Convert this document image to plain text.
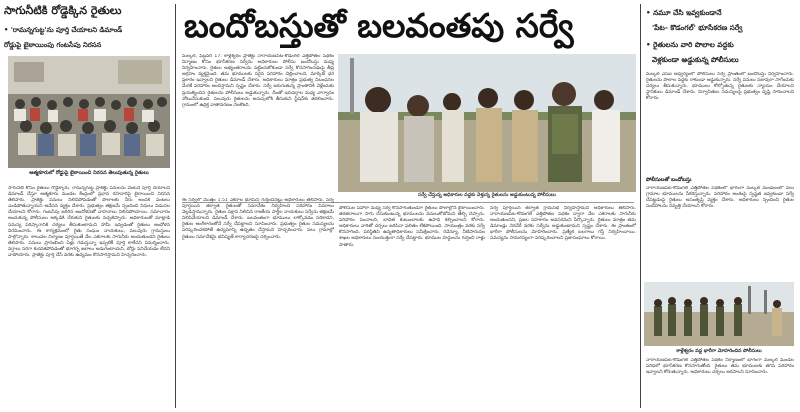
సాగునీటికి రోడ్డెక్కిన రైతులు
• 'రామన్నగుట్ట'ను పూర్తి చేయాలని డిమాండ్
రోడ్డుపై బైఠాయింపు గంటసేపు నిరసన
ఆత్మకూరులో రోడ్డుపై బైఠాయించి నిరసన తెలుపుతున్న రైతులు

సాగునీటి కోసం రైతులు రోడ్డెక్కారు. రామన్నగుట్ట ప్రాజెక్టు పనులను వెంటనే పూర్తి చేయాలని డిమాండ్ చేస్తూ ఆత్మకూరు మండల కేంద్రంలో ప్రధాన రహదారిపై బైఠాయించి నిరసన తెలిపారు. ప్రాజెక్టు పనులు నిలిచిపోవడంతో పొలాలకు నీరు అందక పంటలు ఎండిపోతున్నాయని ఆవేదన వ్యక్తం చేశారు. ప్రభుత్వం తక్షణమే స్పందించి నిధులు విడుదల చేయాలని కోరారు. గంటసేపు జరిగిన ఆందోళనతో వాహనాలు నిలిచిపోయాయి. సమాచారం అందుకున్న పోలీసులు అక్కడికి చేరుకుని రైతులకు నచ్చజెప్పారు. అధికారులతో మాట్లాడి సమస్య పరిష్కారానికి చర్యలు తీసుకుంటామని హామీ ఇవ్వడంతో రైతులు ఆందోళన విరమించారు. ఈ కార్యక్రమంలో రైతు సంఘం నాయకులు, పలువురు గ్రామస్తులు పాల్గొన్నారు. కాలువల నిర్మాణం పూర్తయితే వేల ఎకరాలకు సాగునీరు అందుతుందని రైతులు తెలిపారు. పనులు ప్రారంభించి ఏళ్లు గడుస్తున్నా ఇప్పటికీ పూర్తి కాలేదని విమర్శించారు. వర్షాలు సరిగా కురవకపోవడంతో భూగర్భ జలాలు అడుగంటాయని, బోర్లు పనిచేయడం లేదని వాపోయారు. ప్రాజెక్టు పూర్తి చేసే వరకు ఉద్యమం కొనసాగిస్తామని హెచ్చరించారు.

బందోబస్తుతో బలవంతపు సర్వే

మల్కల్, ఫిబ్రవరి 17: కాళ్లేశ్వరం ప్రాజెక్టు నారాయణపేట-కొడంగల్ ఎత్తిపోతల పథకం నిర్మాణం కోసం భూసేకరణ సర్వేను అధికారులు పోలీసు బందోబస్తు మధ్య నిర్వహించారు. రైతుల అభ్యంతరాలను పట్టించుకోకుండా సర్వే కొనసాగించడంపై తీవ్ర ఆగ్రహం వ్యక్తమైంది. తమ భూములకు సరైన పరిహారం చెల్లించాలని, మార్కెట్ ధర ప్రకారం ఇవ్వాలని రైతులు డిమాండ్ చేశారు. అధికారులు మాత్రం ప్రభుత్వ నిబంధనల మేరకే పరిహారం అందిస్తామని స్పష్టం చేశారు. సర్వే జరుగుతున్న ప్రాంతానికి వెళ్లేందుకు ప్రయత్నించిన రైతులను పోలీసులు అడ్డుకున్నారు. దీంతో ఇరువర్గాల మధ్య వాగ్వాదం చోటుచేసుకుంది. పలువురు రైతులను అదుపులోకి తీసుకుని స్టేషన్‌కు తరలించారు. గ్రామంలో ఉద్రిక్త వాతావరణం నెలకొంది.

సర్వే చేస్తున్న అధికారుల వద్దకు వెళ్తున్న రైతులను అడ్డుకుంటున్న పోలీసులు

ఈ సర్వేలో మొత్తం 1.51 ఎకరాల భూమిని గుర్తించినట్లు అధికారులు తెలిపారు. సర్వే పూర్తయిన తర్వాత రైతులతో సమావేశం నిర్వహించి పరిహారం వివరాలు వెల్లడిస్తామన్నారు. రైతుల పక్షాన నిలిచిన రాజకీయ పార్టీల నాయకులు సర్వేను తక్షణమే నిలిపివేయాలని డిమాండ్ చేశారు. బలవంతంగా భూములు లాక్కోవడం సరికాదని, రైతుల అంగీకారంతోనే సర్వే చేపట్టాలని సూచించారు. ప్రభుత్వం రైతుల సమస్యలను పరిష్కరించకపోతే ఉద్యమాన్ని ఉధృతం చేస్తామని హెచ్చరించారు. పలు గ్రామాల్లో రైతులు సమావేశమై భవిష్యత్ కార్యాచరణపై చర్చించారు.

పోలీసుల పహారా మధ్య సర్వే కొనసాగుతుండగా రైతులు పొలాల్లోనే బైఠాయించారు. తరతరాలుగా సాగు చేసుకుంటున్న భూములను వదులుకోబోమని తేల్చి చెప్పారు. పరిహారం పెంచాలని, బాధిత కుటుంబాలకు ఉపాధి కల్పించాలని కోరారు. అధికారులు వారితో చర్చలు జరిపినా ఫలితం లేకపోయింది. సాయంత్రం వరకు సర్వే కొనసాగింది. పరిస్థితిని ఉన్నతాధికారులు సమీక్షించారు. రెవెన్యూ, నీటిపారుదల శాఖల అధికారులు సంయుక్తంగా సర్వే చేపట్టారు. భూముల హద్దులను గుర్తించి రాళ్లు పాతారు.

సర్వే పూర్తయిన తర్వాత గ్రామసభ నిర్వహిస్తామని అధికారులు తెలిపారు. నారాయణపేట-కొడంగల్ ఎత్తిపోతల పథకం ద్వారా వేల ఎకరాలకు సాగునీరు అందుతుందని, ప్రజల సహకారం అవసరమని పేర్కొన్నారు. రైతులు మాత్రం తమ డిమాండ్లు నెరవేరే వరకు సర్వేను అడ్డుకుంటామని స్పష్టం చేశారు. ఈ ప్రాంతంలో భారీగా పోలీసులను మోహరించారు. ప్రత్యేక బలగాలు గస్తీ నిర్వహించాయి. సమస్యను సామరస్యంగా పరిష్కరించాలని ప్రజాసంఘాలు కోరాయి.

• నమూ చేసి ఇవ్వకుండానే
'పేట- కొడంగల్' భూసేకరణ సర్వే
• రైతులను వారి పొలాల వద్దకు
వెళ్లకుండా అడ్డుకున్న పోలీసులు

మల్కల్ ఎస్ఐ ఆధ్వర్యంలో పోలీసులు సర్వే ప్రాంతంలో బందోబస్తు నిర్వహించారు. రైతులను పొలాల వద్దకు రాకుండా అడ్డుకున్నారు. సర్వే పనులు సజావుగా సాగేందుకు చర్యలు తీసుకున్నారు. భూములు కోల్పోతున్న రైతులకు న్యాయం చేయాలని స్థానికులు డిమాండ్ చేశారు. నిర్వాసితుల సమస్యలపై ప్రభుత్వం దృష్టి సారించాలని కోరారు.

పోలీసులతో బందోబస్తు

నారాయణపేట-కొడంగల్ ఎత్తిపోతల పథకంలో భాగంగా మల్కల్ మండలంలో పలు గ్రామాల భూములను సేకరిస్తున్నారు. పరిహారం అంశంపై స్పష్టత ఇవ్వకుండా సర్వే చేపట్టడంపై రైతులు అసంతృప్తి వ్యక్తం చేశారు. అధికారులు స్పందించి రైతుల సందేహాలను నివృత్తి చేయాలని కోరారు.

కాళ్లేశ్వరం వద్ద భారీగా మోహరించిన పోలీసులు

నారాయణపేట-కొడంగల్ ఎత్తిపోతల పథకం నిర్మాణంలో భాగంగా మల్కల్ మండల పరిధిలో భూసేకరణ కొనసాగుతోంది. రైతులు తమ భూములకు తగిన పరిహారం ఇవ్వాలని కోరుతున్నారు. అధికారులు చర్చలు జరపాలని సూచించారు.
